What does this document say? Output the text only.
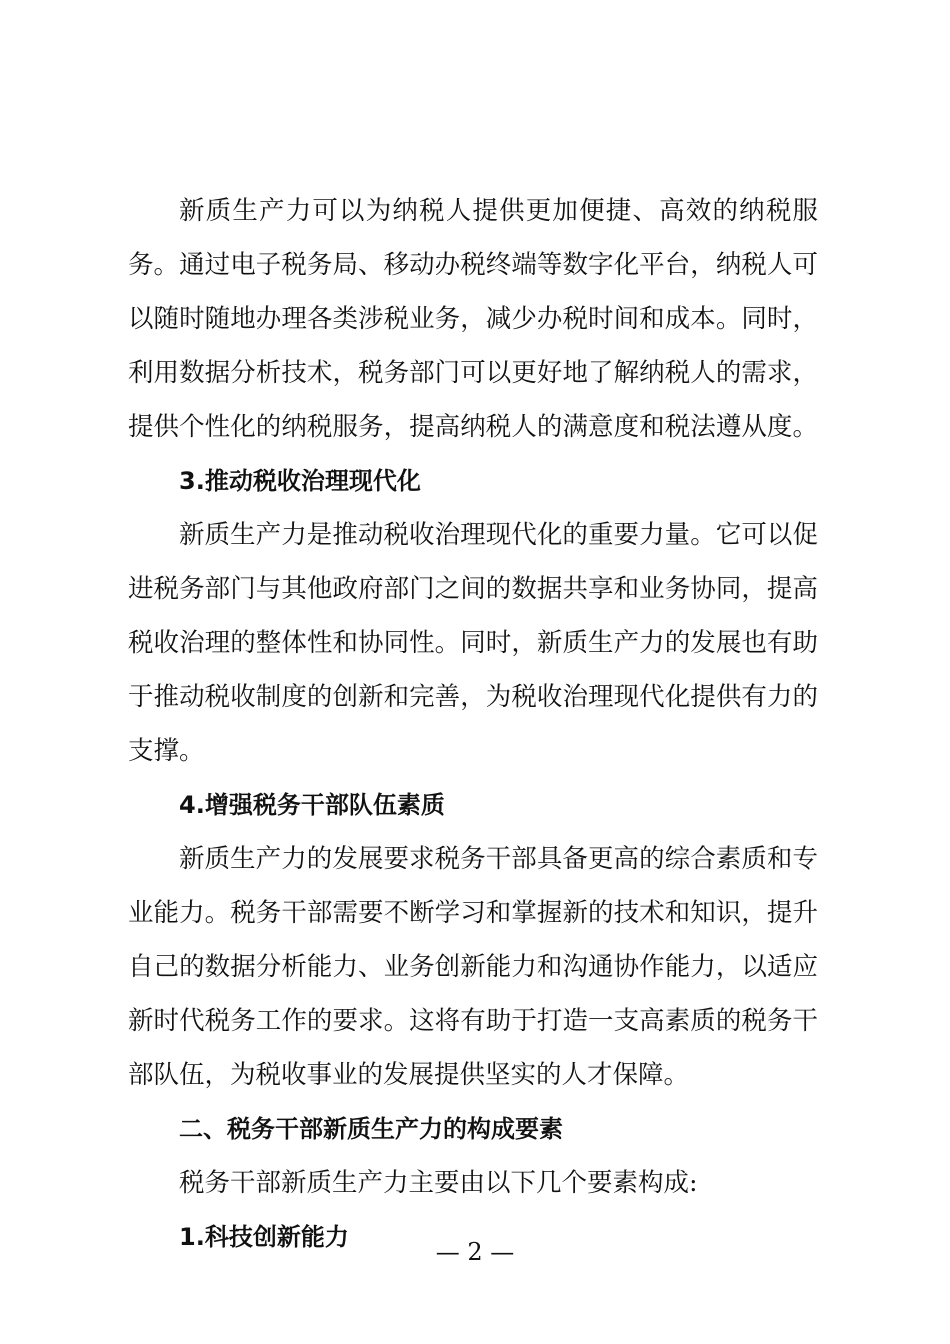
新质生产力可以为纳税人提供更加便捷、高效的纳税服
务。通过电子税务局、移动办税终端等数字化平台，纳税人可
以随时随地办理各类涉税业务，减少办税时间和成本。同时，
利用数据分析技术，税务部门可以更好地了解纳税人的需求，
提供个性化的纳税服务，提高纳税人的满意度和税法遵从度。
3.推动税收治理现代化
新质生产力是推动税收治理现代化的重要力量。它可以促
进税务部门与其他政府部门之间的数据共享和业务协同，提高
税收治理的整体性和协同性。同时，新质生产力的发展也有助
于推动税收制度的创新和完善，为税收治理现代化提供有力的
支撑。
4.增强税务干部队伍素质
新质生产力的发展要求税务干部具备更高的综合素质和专
业能力。税务干部需要不断学习和掌握新的技术和知识，提升
自己的数据分析能力、业务创新能力和沟通协作能力，以适应
新时代税务工作的要求。这将有助于打造一支高素质的税务干
部队伍，为税收事业的发展提供坚实的人才保障。
二、税务干部新质生产力的构成要素
税务干部新质生产力主要由以下几个要素构成:
1.科技创新能力
— 2 —
